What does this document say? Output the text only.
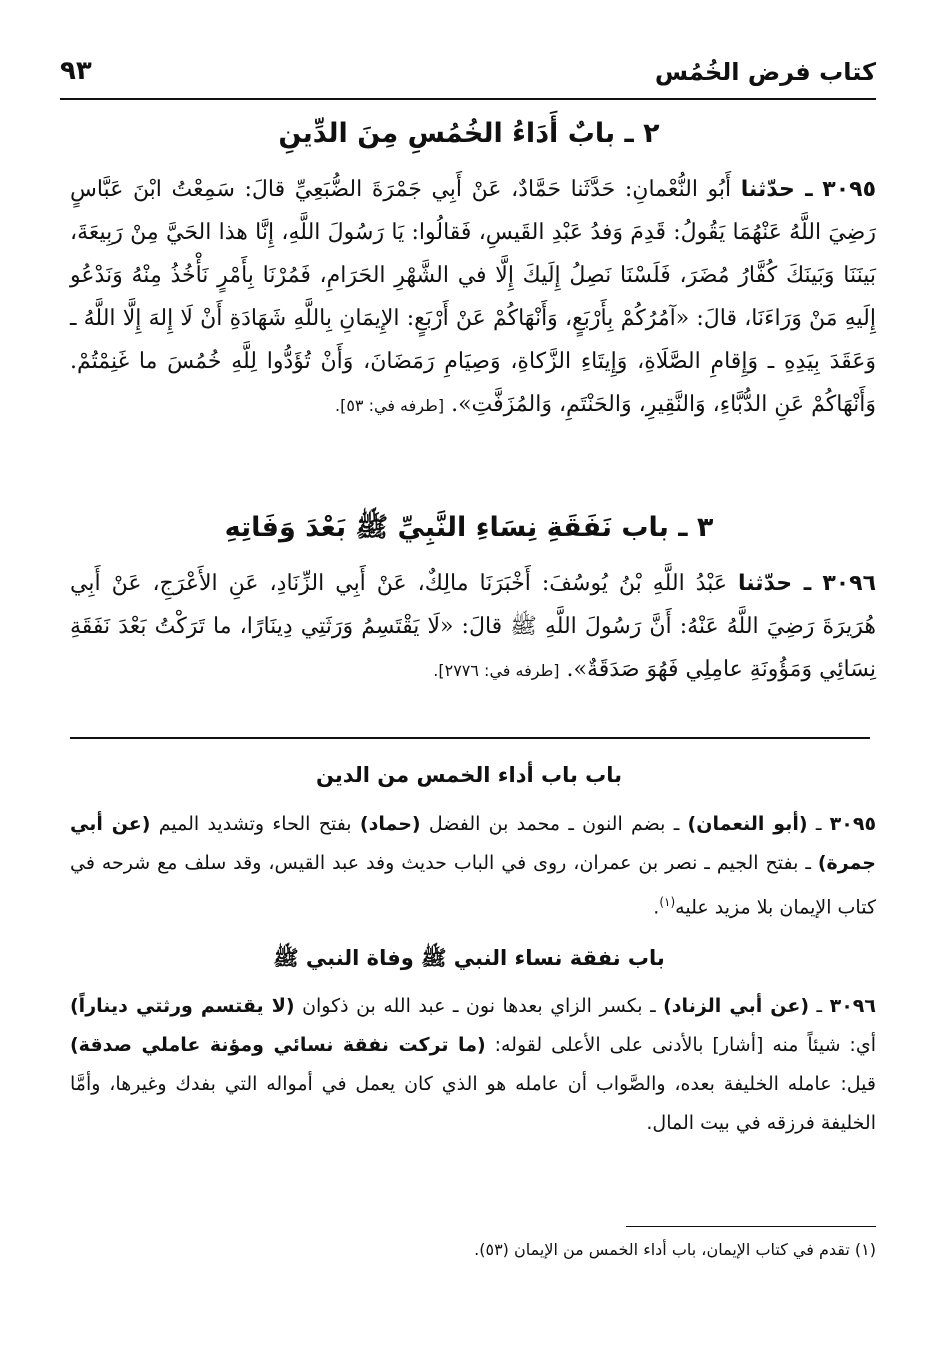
كتاب فرض الخُمُس
٩٣
٢ ـ بابٌ أَدَاءُ الخُمُسِ مِنَ الدِّينِ
٣٠٩٥ ـ حدّثنا أَبُو النُّعْمانِ: حَدَّثَنا حَمَّادٌ، عَنْ أَبِي جَمْرَةَ الضُّبَعِيِّ قالَ: سَمِعْتُ ابْنَ عَبَّاسٍ رَضِيَ اللَّهُ عَنْهُمَا يَقُولُ: قَدِمَ وَفدُ عَبْدِ القَيسِ، فَقالُوا: يَا رَسُولَ اللَّهِ، إِنَّا هذا الحَيَّ مِنْ رَبِيعَةَ، بَينَنَا وَبَينَكَ كُفَّارُ مُضَرَ، فَلَسْنَا نَصِلُ إِلَيكَ إِلَّا في الشَّهْرِ الحَرَامِ، فَمُرْنَا بِأَمْرٍ نَأْخُذُ مِنْهُ وَنَدْعُو إِلَيهِ مَنْ وَرَاءَنَا، قالَ: «آمُرُكُمْ بِأَرْبَعٍ، وَأَنْهَاكُمْ عَنْ أَرْبَعٍ: الإِيمَانِ بِاللَّهِ شَهَادَةِ أَنْ لَا إِلهَ إِلَّا اللَّهُ ـ وَعَقَدَ بِيَدِهِ ـ وَإِقامِ الصَّلَاةِ، وَإِيتَاءِ الزَّكاةِ، وَصِيَامِ رَمَضَانَ، وَأَنْ تُؤَدُّوا لِلَّهِ خُمُسَ ما غَنِمْتُمْ. وَأَنْهَاكُمْ عَنِ الدُّبَّاءِ، وَالنَّقِيرِ، وَالحَنْتَمِ، وَالمُزَفَّتِ». [طرفه في: ٥٣].
٣ ـ باب نَفَقَةِ نِسَاءِ النَّبِيِّ ﷺ بَعْدَ وَفَاتِهِ
٣٠٩٦ ـ حدّثنا عَبْدُ اللَّهِ بْنُ يُوسُفَ: أَخْبَرَنَا مالِكٌ، عَنْ أَبِي الزِّنَادِ، عَنِ الأَعْرَجِ، عَنْ أَبِي هُرَيرَةَ رَضِيَ اللَّهُ عَنْهُ: أَنَّ رَسُولَ اللَّهِ ﷺ قالَ: «لَا يَقْتَسِمُ وَرَثَتِي دِينَارًا، ما تَرَكْتُ بَعْدَ نَفَقَةِ نِسَائِي وَمَؤُونَةِ عامِلِي فَهُوَ صَدَقَةٌ». [طرفه في: ٢٧٧٦].
باب باب أداء الخمس من الدين
٣٠٩٥ ـ (أبو النعمان) ـ بضم النون ـ محمد بن الفضل (حماد) بفتح الحاء وتشديد الميم (عن أبي جمرة) ـ بفتح الجيم ـ نصر بن عمران، روى في الباب حديث وفد عبد القيس، وقد سلف مع شرحه في كتاب الإيمان بلا مزيد عليه$^{(١)}$.
باب نفقة نساء النبي ﷺ وفاة النبي ﷺ
٣٠٩٦ ـ (عن أبي الزناد) ـ بكسر الزاي بعدها نون ـ عبد الله بن ذكوان (لا يقتسم ورثتي ديناراً) أي: شيئاً منه [أشار] بالأدنى على الأعلى لقوله: (ما تركت نفقة نسائي ومؤنة عاملي صدقة) قيل: عامله الخليفة بعده، والصَّواب أن عامله هو الذي كان يعمل في أمواله التي بفدك وغيرها، وأمَّا الخليفة فرزقه في بيت المال.
(١) تقدم في كتاب الإيمان، باب أداء الخمس من الإيمان (٥٣).
